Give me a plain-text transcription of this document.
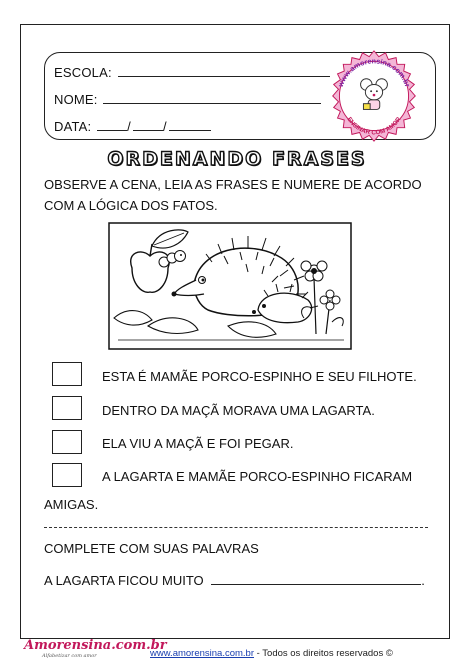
ESCOLA:
NOME:
DATA:	/ /
www.amorensina.com.br
ENSINAR COM AMOR
ORDENANDO FRASES
OBSERVE A CENA, LEIA AS FRASES E NUMERE DE ACORDO COM A LÓGICA DOS FATOS.
ESTA É MAMÃE PORCO-ESPINHO E SEU FILHOTE.
DENTRO DA MAÇÃ MORAVA UMA LAGARTA.
ELA VIU A MAÇÃ E FOI PEGAR.
A LAGARTA E MAMÃE PORCO-ESPINHO FICARAM
AMIGAS.
COMPLETE COM SUAS PALAVRAS
A LAGARTA FICOU MUITO	.
Amorensina.com.br
Alfabetizar com amor	www.amorensina.com.br - Todos os direitos reservados ©
